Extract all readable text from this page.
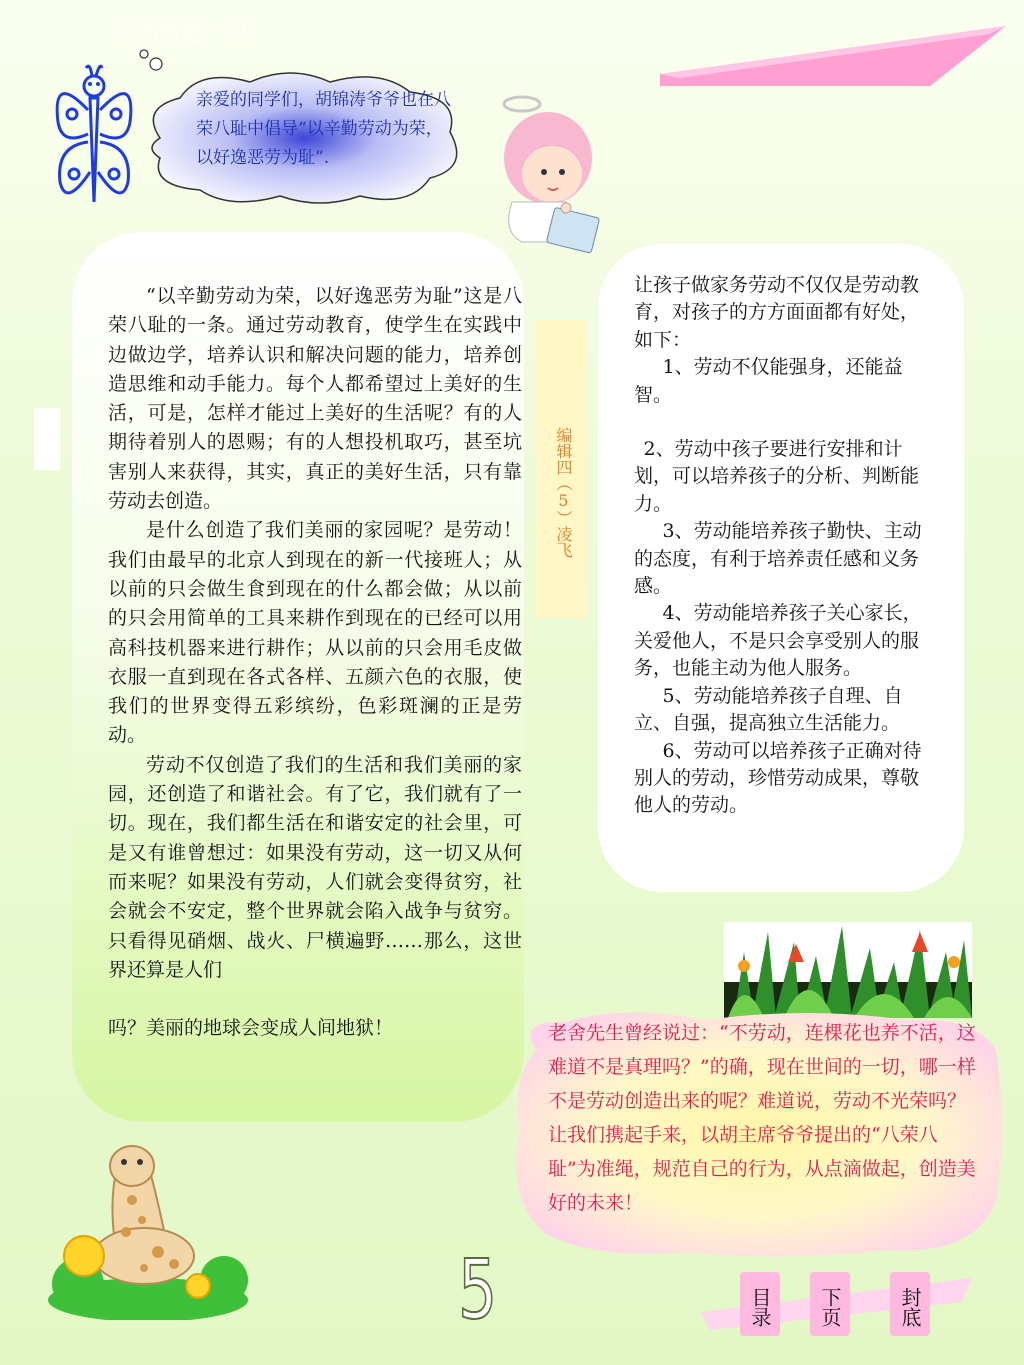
劳动创造一切
亲爱的同学们，胡锦涛爷爷也在八荣八耻中倡导“以辛勤劳动为荣，以好逸恶劳为耻”.

“以辛勤劳动为荣，以好逸恶劳为耻”这是八荣八耻的一条。通过劳动教育，使学生在实践中边做边学，培养认识和解决问题的能力，培养创造思维和动手能力。每个人都希望过上美好的生活，可是，怎样才能过上美好的生活呢？有的人期待着别人的恩赐；有的人想投机取巧，甚至坑害别人来获得，其实，真正的美好生活，只有靠劳动去创造。

是什么创造了我们美丽的家园呢？是劳动！我们由最早的北京人到现在的新一代接班人；从以前的只会做生食到现在的什么都会做；从以前的只会用简单的工具来耕作到现在的已经可以用高科技机器来进行耕作；从以前的只会用毛皮做衣服一直到现在各式各样、五颜六色的衣服，使我们的世界变得五彩缤纷，色彩斑澜的正是劳动。

劳动不仅创造了我们的生活和我们美丽的家园，还创造了和谐社会。有了它，我们就有了一切。现在，我们都生活在和谐安定的社会里，可是又有谁曾想过：如果没有劳动，这一切又从何而来呢？如果没有劳动，人们就会变得贫穷，社会就会不安定，整个世界就会陷入战争与贫穷。只看得见硝烟、战火、尸横遍野……那么，这世界还算是人们

吗？美丽的地球会变成人间地狱！

编辑四（5）凌飞

让孩子做家务劳动不仅仅是劳动教育，对孩子的方方面面都有好处，如下：

1、劳动不仅能强身，还能益智。

2、劳动中孩子要进行安排和计划，可以培养孩子的分析、判断能力。

3、劳动能培养孩子勤快、主动的态度，有利于培养责任感和义务感。

4、劳动能培养孩子关心家长，关爱他人，不是只会享受别人的服务，也能主动为他人服务。

5、劳动能培养孩子自理、自立、自强，提高独立生活能力。

6、劳动可以培养孩子正确对待别人的劳动，珍惜劳动成果，尊敬他人的劳动。

老舍先生曾经说过：“不劳动，连棵花也养不活，这难道不是真理吗？”的确，现在世间的一切，哪一样不是劳动创造出来的呢？难道说，劳动不光荣吗？让我们携起手来，以胡主席爷爷提出的“八荣八耻”为准绳，规范自己的行为，从点滴做起，创造美好的未来！
5	目录	下页	封底
